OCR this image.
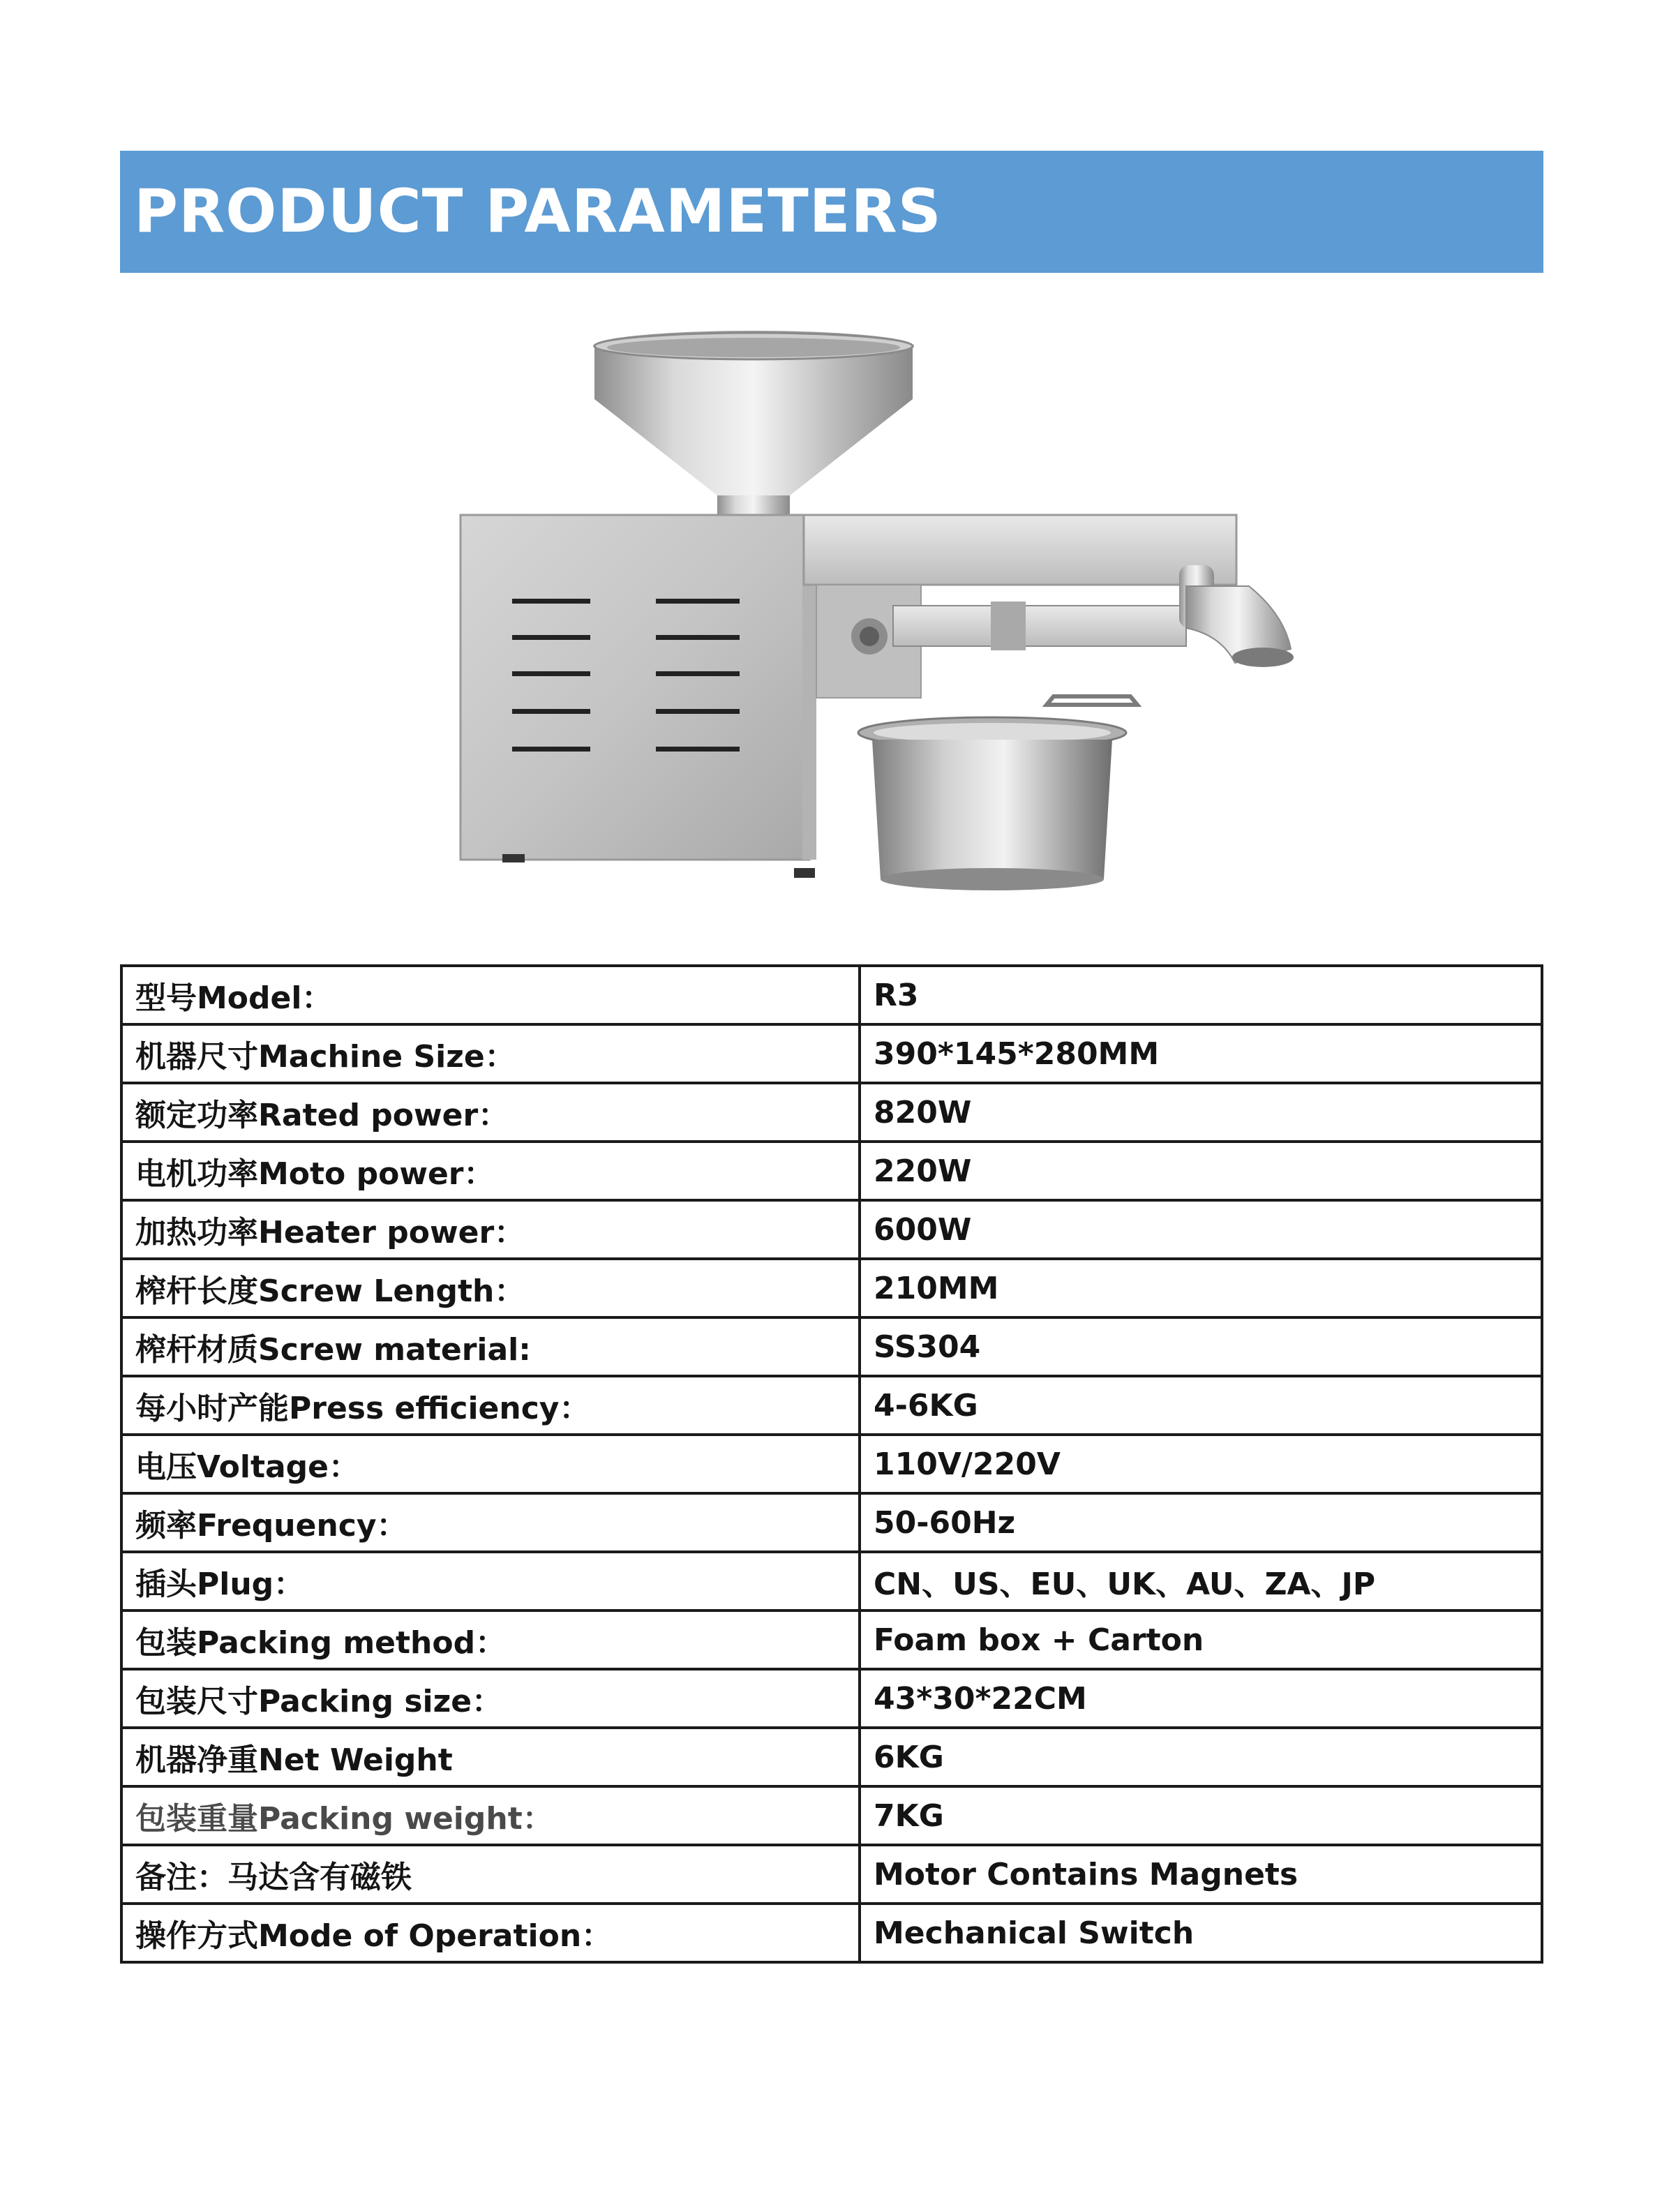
PRODUCT PARAMETERS
型号Model：	R3
机器尺寸Machine Size：	390*145*280MM
额定功率Rated power：	820W
电机功率Moto power：	220W
加热功率Heater power：	600W
榨杆长度Screw Length：	210MM
榨杆材质Screw material:	SS304
每小时产能Press efficiency：	4-6KG
电压Voltage：	110V/220V
频率Frequency：	50-60Hz
插头Plug：	CN、US、EU、UK、AU、ZA、JP
包装Packing method：	Foam box + Carton
包装尺寸Packing size：	43*30*22CM
机器净重Net Weight	6KG
包装重量Packing weight：	7KG
备注：马达含有磁铁	Motor Contains Magnets
操作方式Mode of Operation：	Mechanical Switch
